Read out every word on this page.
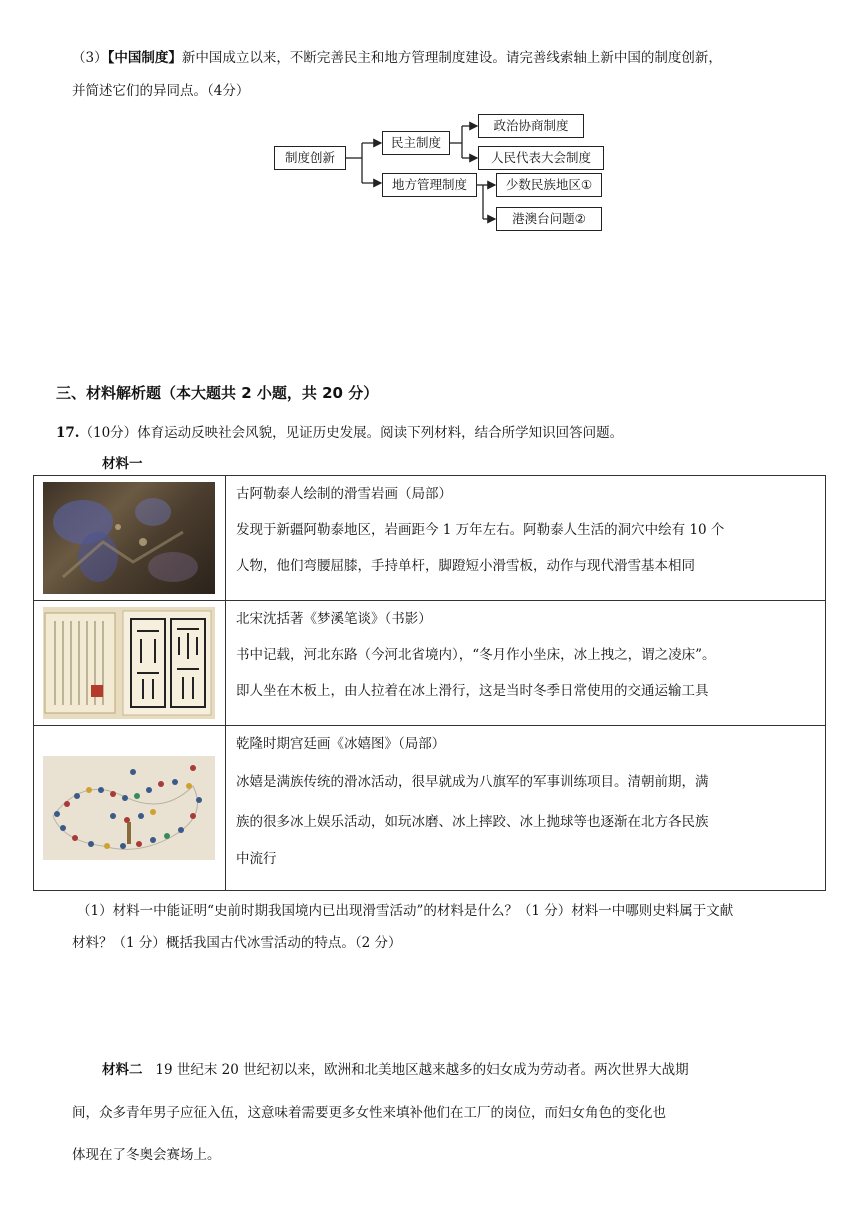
（3）【中国制度】新中国成立以来，不断完善民主和地方管理制度建设。请完善线索轴上新中国的制度创新，
并简述它们的异同点。（4分）
制度创新
民主制度
政治协商制度
人民代表大会制度
地方管理制度	少数民族地区①
港澳台问题②
三、材料解析题（本大题共 2 小题，共 20 分）
17.（10分）体育运动反映社会风貌，见证历史发展。阅读下列材料，结合所学知识回答问题。
材料一

古阿勒泰人绘制的滑雪岩画（局部）
发现于新疆阿勒泰地区，岩画距今 1 万年左右。阿勒泰人生活的洞穴中绘有 10 个
人物，他们弯腰屈膝，手持单杆，脚蹬短小滑雪板，动作与现代滑雪基本相同

北宋沈括著《梦溪笔谈》（书影）
书中记载，河北东路（今河北省境内），“冬月作小坐床，冰上拽之，谓之凌床”。
即人坐在木板上，由人拉着在冰上滑行，这是当时冬季日常使用的交通运输工具

乾隆时期宫廷画《冰嬉图》（局部）
冰嬉是满族传统的滑冰活动，很早就成为八旗军的军事训练项目。清朝前期，满
族的很多冰上娱乐活动，如玩冰磨、冰上摔跤、冰上抛球等也逐渐在北方各民族
中流行
（1）材料一中能证明“史前时期我国境内已出现滑雪活动”的材料是什么？（1 分）材料一中哪则史料属于文献
材料？（1 分）概括我国古代冰雪活动的特点。（2 分）
材料二 19 世纪末 20 世纪初以来，欧洲和北美地区越来越多的妇女成为劳动者。两次世界大战期
间，众多青年男子应征入伍，这意味着需要更多女性来填补他们在工厂的岗位，而妇女角色的变化也
体现在了冬奥会赛场上。
